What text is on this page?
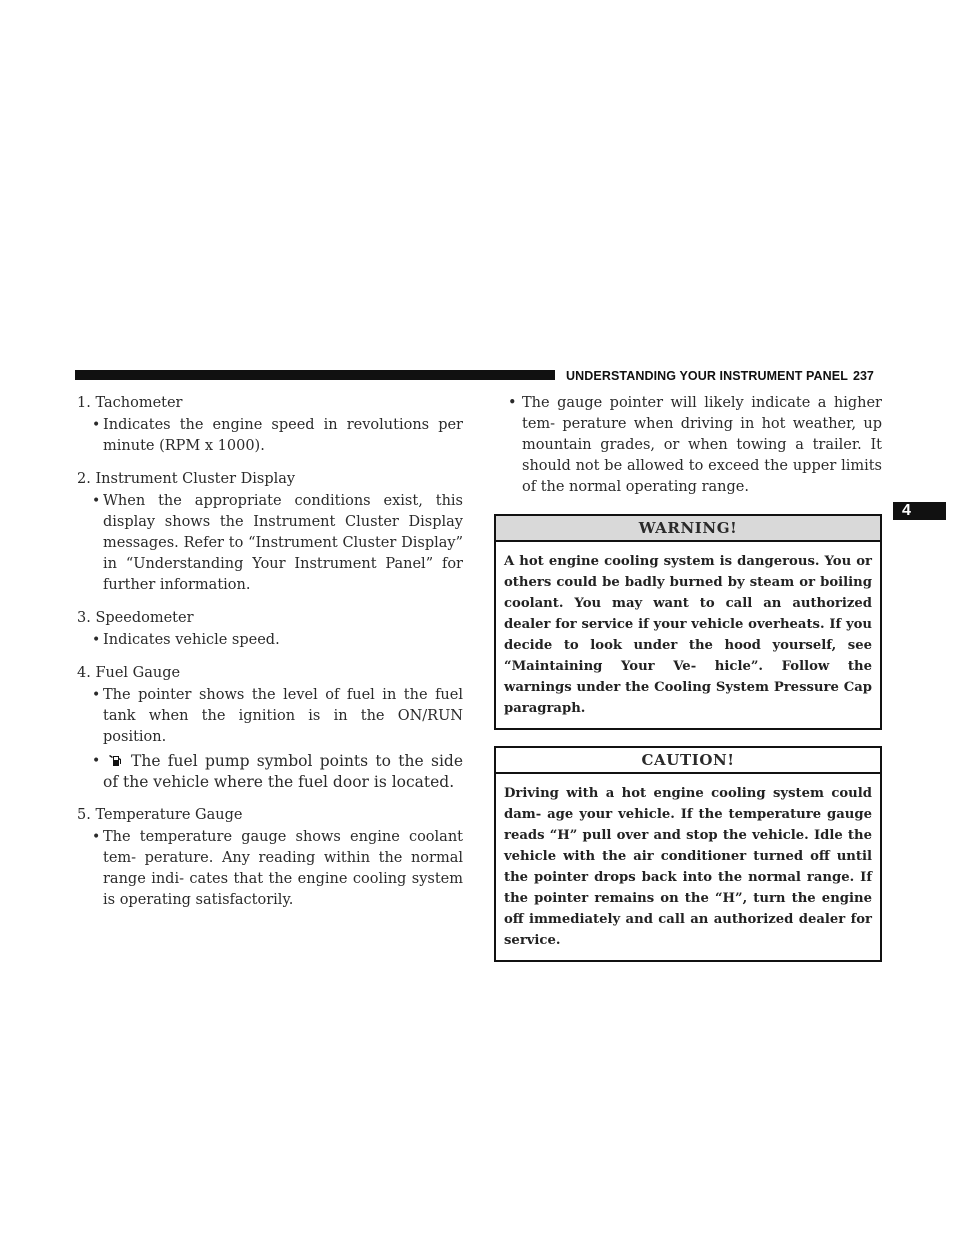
UNDERSTANDING YOUR INSTRUMENT PANEL 237
4
1. Tachometer
• Indicates the engine speed in revolutions per minute (RPM x 1000).
2. Instrument Cluster Display
• When the appropriate conditions exist, this display shows the Instrument Cluster Display messages. Refer to “Instrument Cluster Display” in “Understanding Your Instrument Panel” for further information.
3. Speedometer
• Indicates vehicle speed.
4. Fuel Gauge
• The pointer shows the level of fuel in the fuel tank when the ignition is in the ON/RUN position.
• The fuel pump symbol points to the side of the vehicle where the fuel door is located.
5. Temperature Gauge
• The temperature gauge shows engine coolant tem- perature. Any reading within the normal range indi- cates that the engine cooling system is operating satisfactorily.
• The gauge pointer will likely indicate a higher tem- perature when driving in hot weather, up mountain grades, or when towing a trailer. It should not be allowed to exceed the upper limits of the normal operating range.
WARNING!
A hot engine cooling system is dangerous. You or others could be badly burned by steam or boiling coolant. You may want to call an authorized dealer for service if your vehicle overheats. If you decide to look under the hood yourself, see “Maintaining Your Ve- hicle”. Follow the warnings under the Cooling System Pressure Cap paragraph.
CAUTION!
Driving with a hot engine cooling system could dam- age your vehicle. If the temperature gauge reads “H” pull over and stop the vehicle. Idle the vehicle with the air conditioner turned off until the pointer drops back into the normal range. If the pointer remains on the “H”, turn the engine off immediately and call an authorized dealer for service.
